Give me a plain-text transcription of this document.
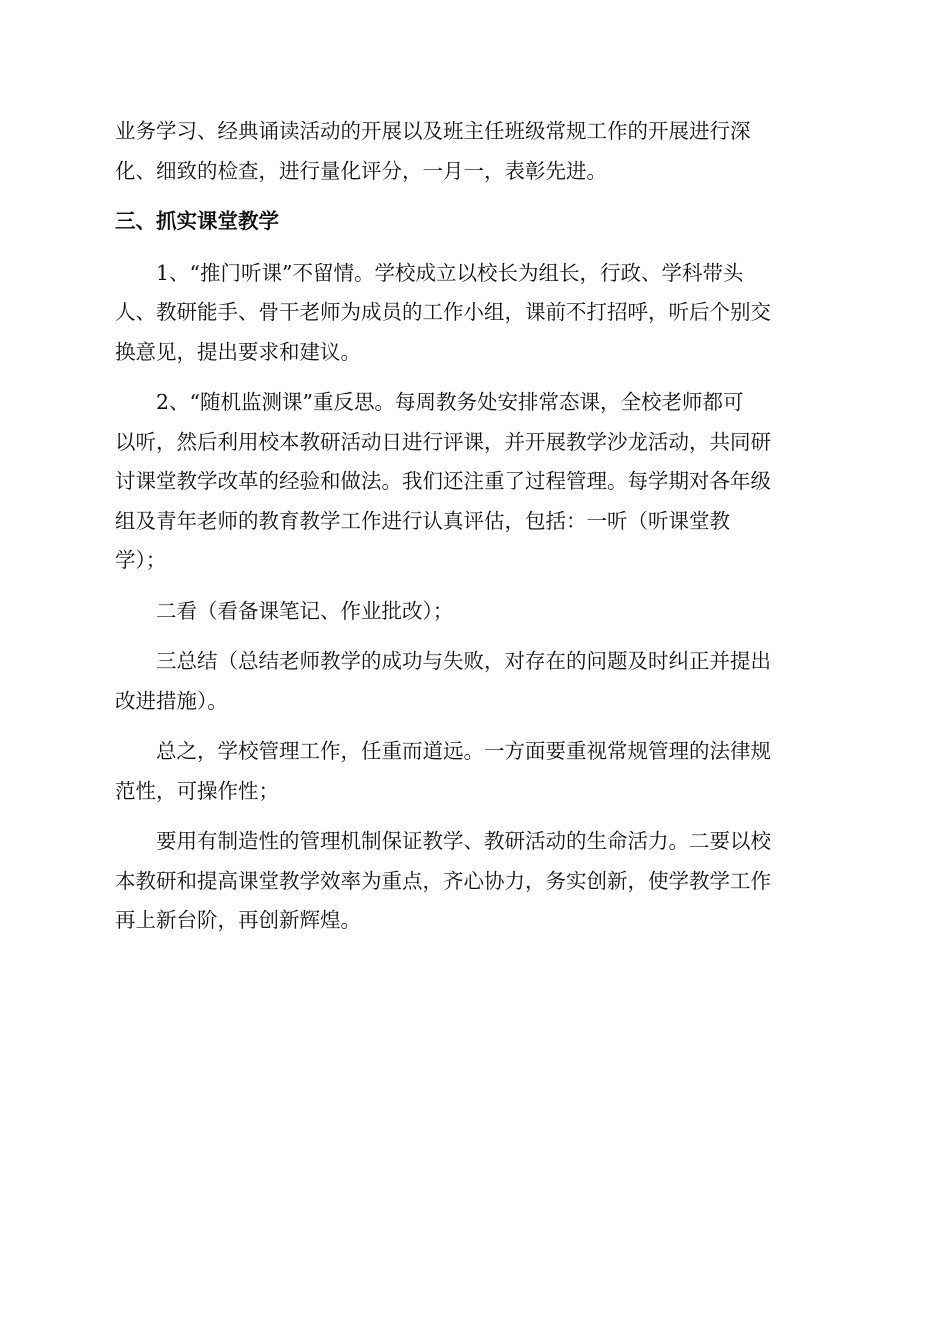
业务学习、经典诵读活动的开展以及班主任班级常规工作的开展进行深
化、细致的检查，进行量化评分，一月一，表彰先进。

三、抓实课堂教学

1、“推门听课”不留情。学校成立以校长为组长，行政、学科带头
人、教研能手、骨干老师为成员的工作小组，课前不打招呼，听后个别交
换意见，提出要求和建议。

2、“随机监测课”重反思。每周教务处安排常态课，全校老师都可
以听，然后利用校本教研活动日进行评课，并开展教学沙龙活动，共同研
讨课堂教学改革的经验和做法。我们还注重了过程管理。每学期对各年级
组及青年老师的教育教学工作进行认真评估，包括：一听（听课堂教
学）；

二看（看备课笔记、作业批改）；

三总结（总结老师教学的成功与失败，对存在的问题及时纠正并提出
改进措施）。

总之，学校管理工作，任重而道远。一方面要重视常规管理的法律规
范性，可操作性；

要用有制造性的管理机制保证教学、教研活动的生命活力。二要以校
本教研和提高课堂教学效率为重点，齐心协力，务实创新，使学教学工作
再上新台阶，再创新辉煌。
